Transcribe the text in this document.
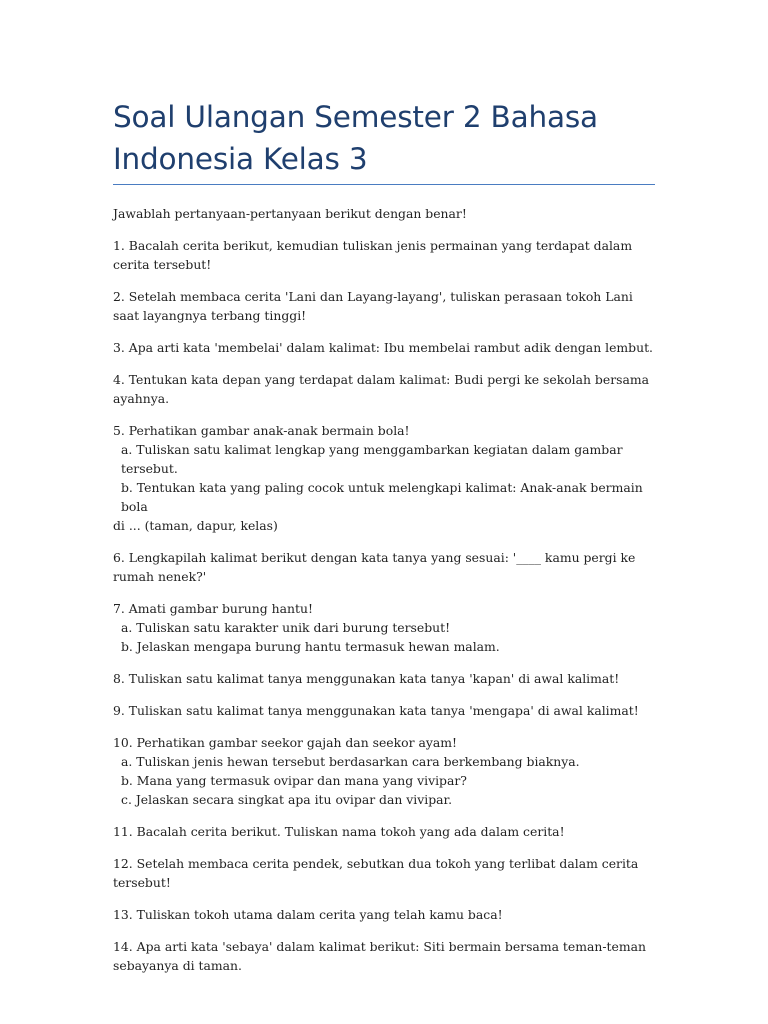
Soal Ulangan Semester 2 Bahasa
Indonesia Kelas 3

Jawablah pertanyaan-pertanyaan berikut dengan benar!

1. Bacalah cerita berikut, kemudian tuliskan jenis permainan yang terdapat dalam cerita tersebut!

2. Setelah membaca cerita 'Lani dan Layang-layang', tuliskan perasaan tokoh Lani saat layangnya terbang tinggi!

3. Apa arti kata 'membelai' dalam kalimat: Ibu membelai rambut adik dengan lembut.

4. Tentukan kata depan yang terdapat dalam kalimat: Budi pergi ke sekolah bersama ayahnya.

5. Perhatikan gambar anak-anak bermain bola!
a. Tuliskan satu kalimat lengkap yang menggambarkan kegiatan dalam gambar tersebut.
b. Tentukan kata yang paling cocok untuk melengkapi kalimat: Anak-anak bermain bola
di ... (taman, dapur, kelas)

6. Lengkapilah kalimat berikut dengan kata tanya yang sesuai: '____ kamu pergi ke rumah nenek?'

7. Amati gambar burung hantu!
a. Tuliskan satu karakter unik dari burung tersebut!
b. Jelaskan mengapa burung hantu termasuk hewan malam.

8. Tuliskan satu kalimat tanya menggunakan kata tanya 'kapan' di awal kalimat!

9. Tuliskan satu kalimat tanya menggunakan kata tanya 'mengapa' di awal kalimat!

10. Perhatikan gambar seekor gajah dan seekor ayam!
a. Tuliskan jenis hewan tersebut berdasarkan cara berkembang biaknya.
b. Mana yang termasuk ovipar dan mana yang vivipar?
c. Jelaskan secara singkat apa itu ovipar dan vivipar.

11. Bacalah cerita berikut. Tuliskan nama tokoh yang ada dalam cerita!

12. Setelah membaca cerita pendek, sebutkan dua tokoh yang terlibat dalam cerita tersebut!

13. Tuliskan tokoh utama dalam cerita yang telah kamu baca!

14. Apa arti kata 'sebaya' dalam kalimat berikut: Siti bermain bersama teman-teman sebayanya di taman.
